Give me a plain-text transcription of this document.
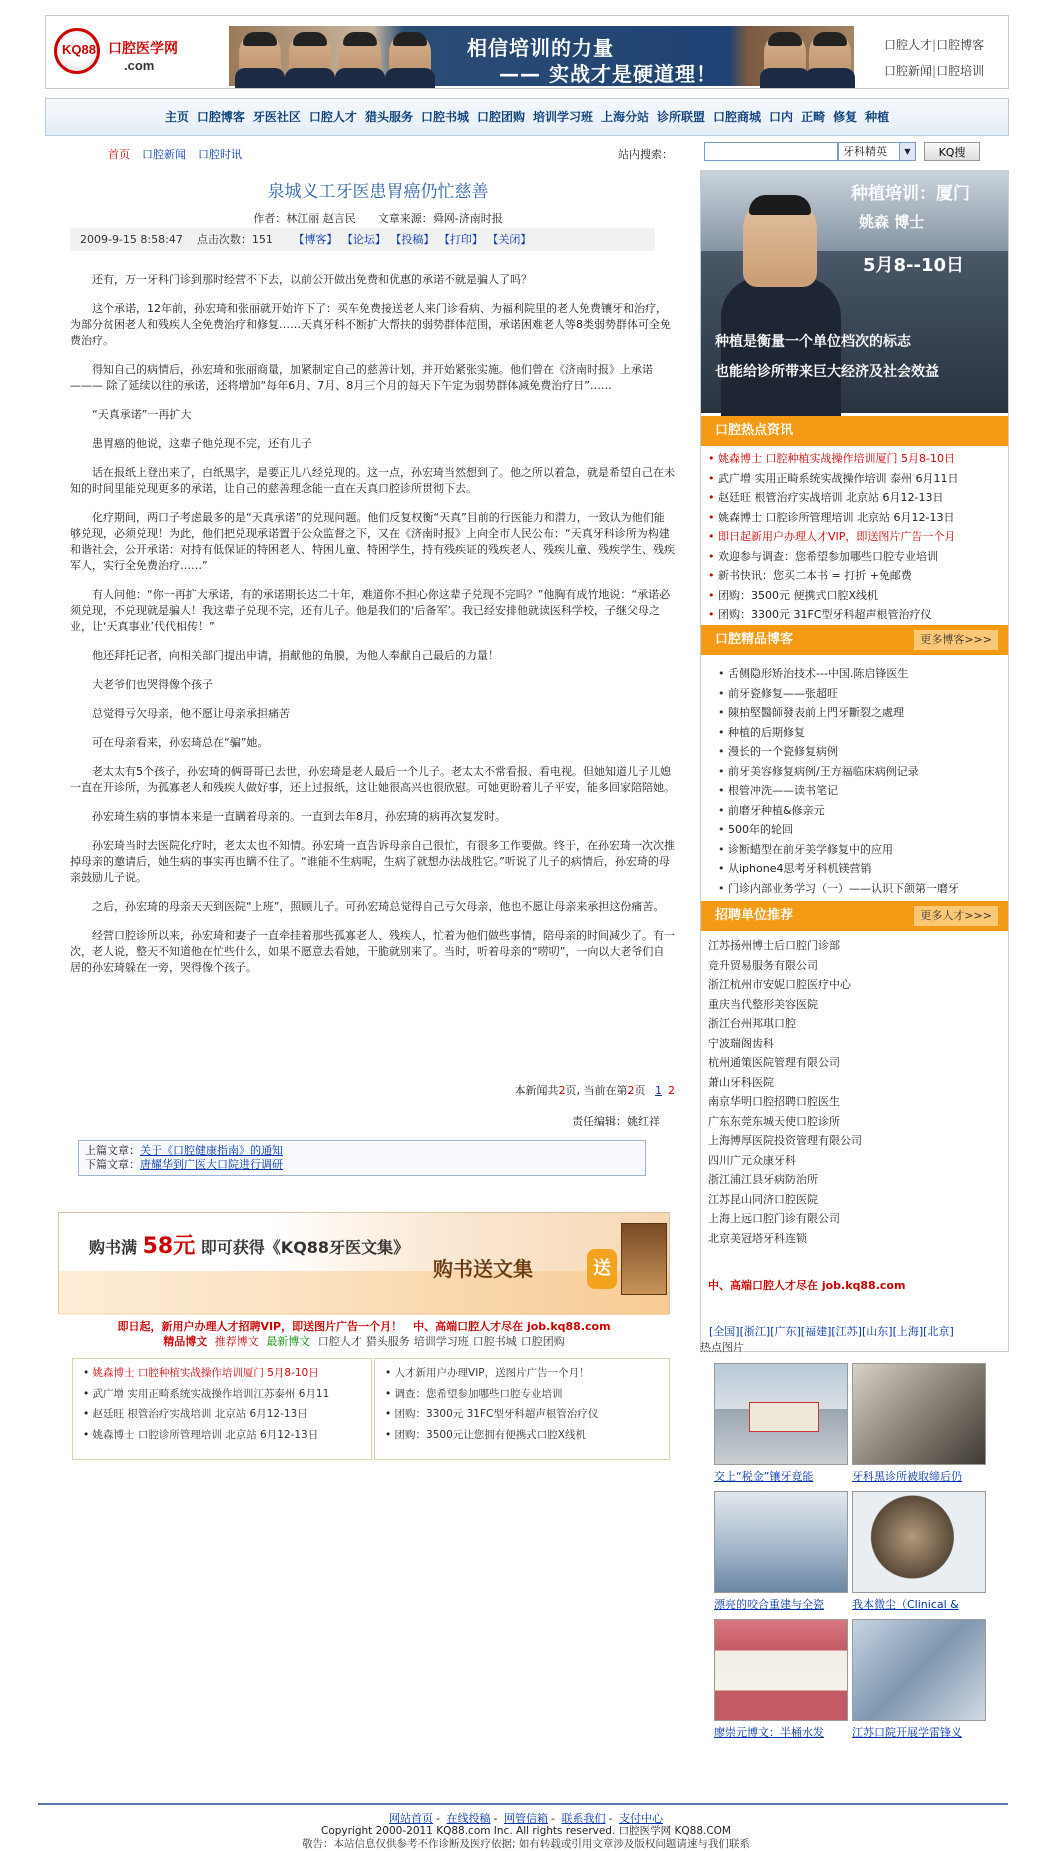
KQ88 口腔医学网
.com
相信培训的力量
—— 实战才是硬道理！
口腔人才|口腔博客
口腔新闻|口腔培训
主页 口腔博客 牙医社区 口腔人才 猎头服务 口腔书城 口腔团购 培训学习班 上海分站 诊所联盟 口腔商城 口内 正畸 修复 种植
首页 口腔新闻 口腔时讯	站内搜索：	牙科精英	▼	KQ搜
泉城义工牙医患胃癌仍忙慈善
作者：林江丽 赵言民　　文章来源：舜网-济南时报
2009-9-15 8:58:47 点击次数：151 【博客】 【论坛】 【投稿】 【打印】 【关闭】

还有，万一牙科门诊到那时经营不下去，以前公开做出免费和优惠的承诺不就是骗人了吗？

这个承诺，12年前，孙宏琦和张丽就开始许下了：买车免费接送老人来门诊看病、为福利院里的老人免费镶牙和治疗，为部分贫困老人和残疾人全免费治疗和修复……天真牙科不断扩大帮扶的弱势群体范围，承诺困难老人等8类弱势群体可全免费治疗。

得知自己的病情后，孙宏琦和张丽商量，加紧制定自己的慈善计划，并开始紧张实施。他们曾在《济南时报》上承诺——— 除了延续以往的承诺，还将增加“每年6月、7月、8月三个月的每天下午定为弱势群体减免费治疗日”……

“天真承诺”一再扩大

患胃癌的他说，这辈子他兑现不完，还有儿子

话在报纸上登出来了，白纸黑字，是要正儿八经兑现的。这一点，孙宏琦当然想到了。他之所以着急，就是希望自己在未知的时间里能兑现更多的承诺，让自己的慈善理念能一直在天真口腔诊所贯彻下去。

化疗期间，两口子考虑最多的是“天真承诺”的兑现问题。他们反复权衡“天真”目前的行医能力和潜力，一致认为他们能够兑现，必须兑现！为此，他们把兑现承诺置于公众监督之下，又在《济南时报》上向全市人民公布：“天真牙科诊所为构建和谐社会，公开承诺：对持有低保证的特困老人、特困儿童、特困学生，持有残疾证的残疾老人、残疾儿童、残疾学生、残疾军人，实行全免费治疗……”

有人问他：“你一再扩大承诺，有的承诺期长达二十年，难道你不担心你这辈子兑现不完吗？”他胸有成竹地说：“承诺必须兑现，不兑现就是骗人！我这辈子兑现不完，还有儿子。他是我们的‘后备军’。我已经安排他就读医科学校，子继父母之业，让‘天真事业’代代相传！”

他还拜托记者，向相关部门提出申请，捐献他的角膜，为他人奉献自己最后的力量！

大老爷们也哭得像个孩子

总觉得亏欠母亲，他不愿让母亲承担痛苦

可在母亲看来，孙宏琦总在“骗”她。

老太太有5个孩子，孙宏琦的俩哥哥已去世，孙宏琦是老人最后一个儿子。老太太不常看报、看电视。但她知道儿子儿媳一直在开诊所，为孤寡老人和残疾人做好事，还上过报纸，这让她很高兴也很欣慰。可她更盼着儿子平安，能多回家陪陪她。

孙宏琦生病的事情本来是一直瞒着母亲的。一直到去年8月，孙宏琦的病再次复发时。

孙宏琦当时去医院化疗时，老太太也不知情。孙宏琦一直告诉母亲自己很忙，有很多工作要做。终于，在孙宏琦一次次推掉母亲的邀请后，她生病的事实再也瞒不住了。“谁能不生病呢，生病了就想办法战胜它。”听说了儿子的病情后，孙宏琦的母亲鼓励儿子说。

之后，孙宏琦的母亲天天到医院“上班”，照顾儿子。可孙宏琦总觉得自己亏欠母亲，他也不愿让母亲来承担这份痛苦。

经营口腔诊所以来，孙宏琦和妻子一直牵挂着那些孤寡老人、残疾人，忙着为他们做些事情，陪母亲的时间减少了。有一次，老人说，整天不知道他在忙些什么，如果不愿意去看她，干脆就别来了。当时，听着母亲的“唠叨”，一向以大老爷们自居的孙宏琦躲在一旁，哭得像个孩子。

本新闻共2页, 当前在第2页 1 2
责任编辑：姚红祥
上篇文章：关于《口腔健康指南》的通知
下篇文章：唐耀华到广医大口院进行调研
购书满 58元 即可获得《KQ88牙医文集》
购书送文集	送
即日起，新用户办理人才招聘VIP，即送图片广告一个月！　中、高端口腔人才尽在 job.kq88.com
精品博文 推荐博文 最新博文 口腔人才 猎头服务 培训学习班 口腔书城 口腔团购
• 姚森博士 口腔种植实战操作培训厦门 5月8-10日
• 武广增 实用正畸系统实战操作培训江苏泰州 6月11
• 赵廷旺 根管治疗实战培训 北京站 6月12-13日
• 姚森博士 口腔诊所管理培训 北京站 6月12-13日
• 人才新用户办理VIP，送图片广告一个月！
• 调查：您希望参加哪些口腔专业培训
• 团购：3300元 31FC型牙科超声根管治疗仪
• 团购：3500元让您拥有便携式口腔X线机
种植培训：厦门
姚森 博士
5月8--10日
种植是衡量一个单位档次的标志
也能给诊所带来巨大经济及社会效益
口腔热点资讯
• 姚森博士 口腔种植实战操作培训厦门 5月8-10日
• 武广增 实用正畸系统实战操作培训 泰州 6月11日
• 赵廷旺 根管治疗实战培训 北京站 6月12-13日
• 姚森博士 口腔诊所管理培训 北京站 6月12-13日
• 即日起新用户办理人才VIP，即送图片广告一个月
• 欢迎参与调查：您希望参加哪些口腔专业培训
• 新书快讯：您买二本书 = 打折 +免邮费
• 团购：3500元 便携式口腔X线机
• 团购：3300元 31FC型牙科超声根管治疗仪
口腔精品博客	更多博客>>>
• 舌侧隐形矫治技术---中国.陈启锋医生
• 前牙瓷修复——张超旺
• 陳柏堅醫師發表前上門牙斷裂之處理
• 种植的后期修复
• 漫长的一个瓷修复病例
• 前牙美容修复病例/王方福临床病例记录
• 根管冲洗——读书笔记
• 前磨牙种植&修亲元
• 500年的轮回
• 诊断蜡型在前牙美学修复中的应用
• 从iphone4思考牙科机镁营销
• 门诊内部业务学习（一）——认识下颌第一磨牙
招聘单位推荐	更多人才>>>
江苏扬州博士后口腔门诊部
竞升贸易服务有限公司
浙江杭州市安妮口腔医疗中心
重庆当代整形美容医院
浙江台州邦琪口腔
宁波瑞阁齿科
杭州通策医院管理有限公司
萧山牙科医院
南京华明口腔招聘口腔医生
广东东莞东城天使口腔诊所
上海博厚医院投资管理有限公司
四川广元众康牙科
浙江浦江县牙病防治所
江苏昆山同济口腔医院
上海上远口腔门诊有限公司
北京美冠塔牙科连锁
中、高端口腔人才尽在 job.kq88.com
[全国][浙江][广东][福建][江苏][山东][上海][北京]
热点图片
交上“税金”镶牙竟能	牙科黑诊所被取缔后仍
漂亮的咬合重建与全瓷	我本微尘（Clinical &
廖崇元博文：半桶水发	江苏口院开展学雷锋义
网站首页 - 在线投稿 - 网管信箱 - 联系我们 - 支付中心
Copyright 2000-2011 KQ88.com Inc. All rights reserved. 口腔医学网 KQ88.COM
敬告：本站信息仅供参考不作诊断及医疗依据; 如有转载或引用文章涉及版权问题请速与我们联系
